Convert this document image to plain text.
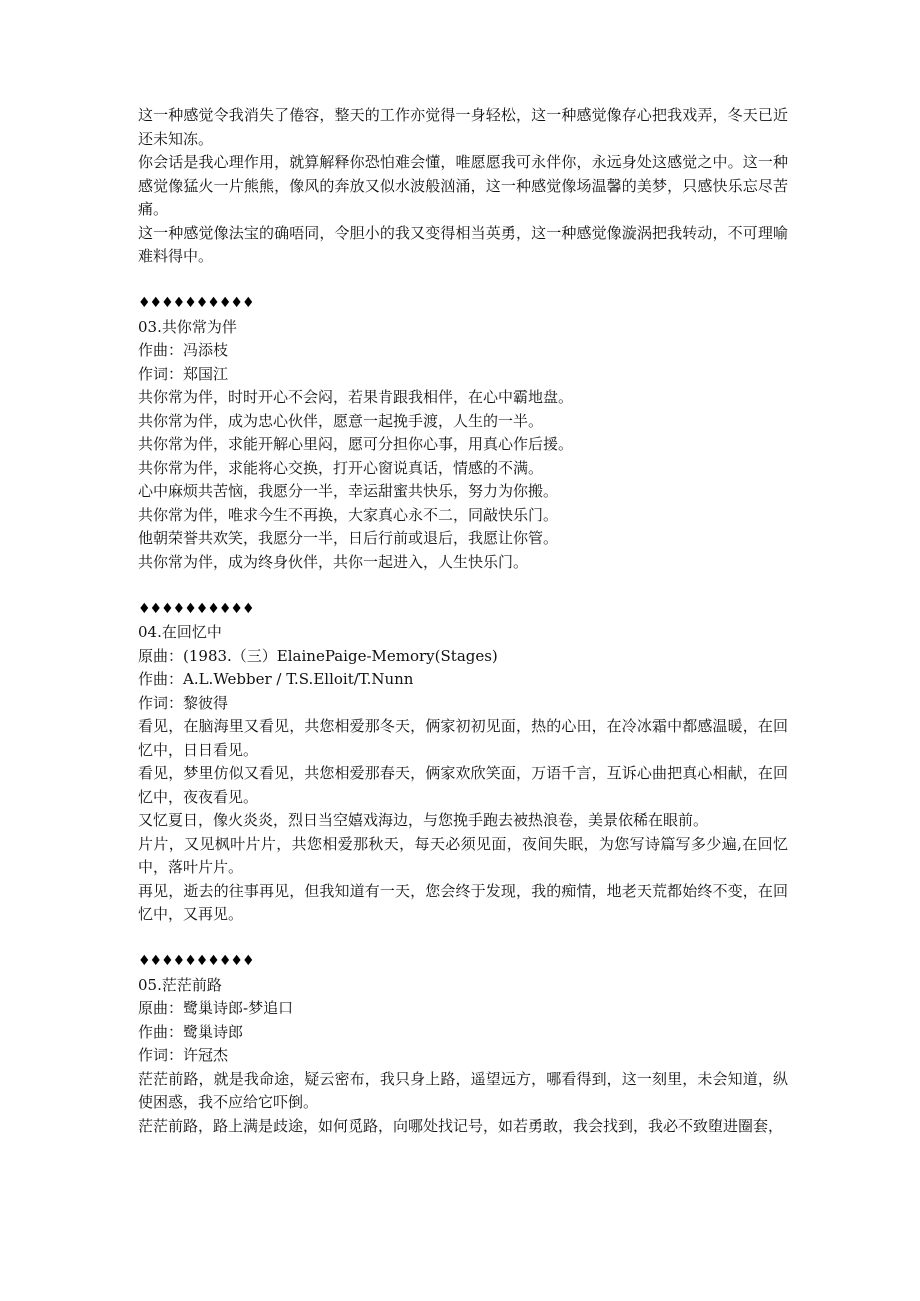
这一种感觉令我消失了倦容，整天的工作亦觉得一身轻松，这一种感觉像存心把我戏弄，冬天已近还未知冻。

你会话是我心理作用，就算解释你恐怕难会懂，唯愿愿我可永伴你，永远身处这感觉之中。这一种感觉像猛火一片熊熊，像风的奔放又似水波般汹涌，这一种感觉像场温馨的美梦，只感快乐忘尽苦痛。

这一种感觉像法宝的确唔同，令胆小的我又变得相当英勇，这一种感觉像漩涡把我转动，不可理喻难料得中。

♦♦♦♦♦♦♦♦♦♦

03.共你常为伴

作曲：冯添枝

作词：郑国江

共你常为伴，时时开心不会闷，若果肯跟我相伴，在心中霸地盘。

共你常为伴，成为忠心伙伴，愿意一起挽手渡，人生的一半。

共你常为伴，求能开解心里闷，愿可分担你心事，用真心作后援。

共你常为伴，求能将心交换，打开心窗说真话，情感的不满。

心中麻烦共苦恼，我愿分一半，幸运甜蜜共快乐，努力为你搬。

共你常为伴，唯求今生不再换，大家真心永不二，同敲快乐门。

他朝荣誉共欢笑，我愿分一半，日后行前或退后，我愿让你管。

共你常为伴，成为终身伙伴，共你一起进入，人生快乐门。

♦♦♦♦♦♦♦♦♦♦

04.在回忆中

原曲：(1983.（三）ElainePaige-Memory(Stages)

作曲：A.L.Webber / T.S.Elloit/T.Nunn

作词：黎彼得

看见，在脑海里又看见，共您相爱那冬天，俩家初初见面，热的心田，在冷冰霜中都感温暖，在回忆中，日日看见。

看见，梦里仿似又看见，共您相爱那春天，俩家欢欣笑面，万语千言，互诉心曲把真心相献，在回忆中，夜夜看见。

又忆夏日，像火炎炎，烈日当空嬉戏海边，与您挽手跑去被热浪卷，美景依稀在眼前。

片片，又见枫叶片片，共您相爱那秋天，每天必须见面，夜间失眠，为您写诗篇写多少遍,在回忆中，落叶片片。

再见，逝去的往事再见，但我知道有一天，您会终于发现，我的痴情，地老天荒都始终不变，在回忆中，又再见。

♦♦♦♦♦♦♦♦♦♦

05.茫茫前路

原曲：鹭巢诗郎-梦追口

作曲：鹭巢诗郎

作词：许冠杰

茫茫前路，就是我命途，疑云密布，我只身上路，遥望远方，哪看得到，这一刻里，未会知道，纵使困惑，我不应给它吓倒。

茫茫前路，路上满是歧途，如何觅路，向哪处找记号，如若勇敢，我会找到，我必不致堕进圈套，
